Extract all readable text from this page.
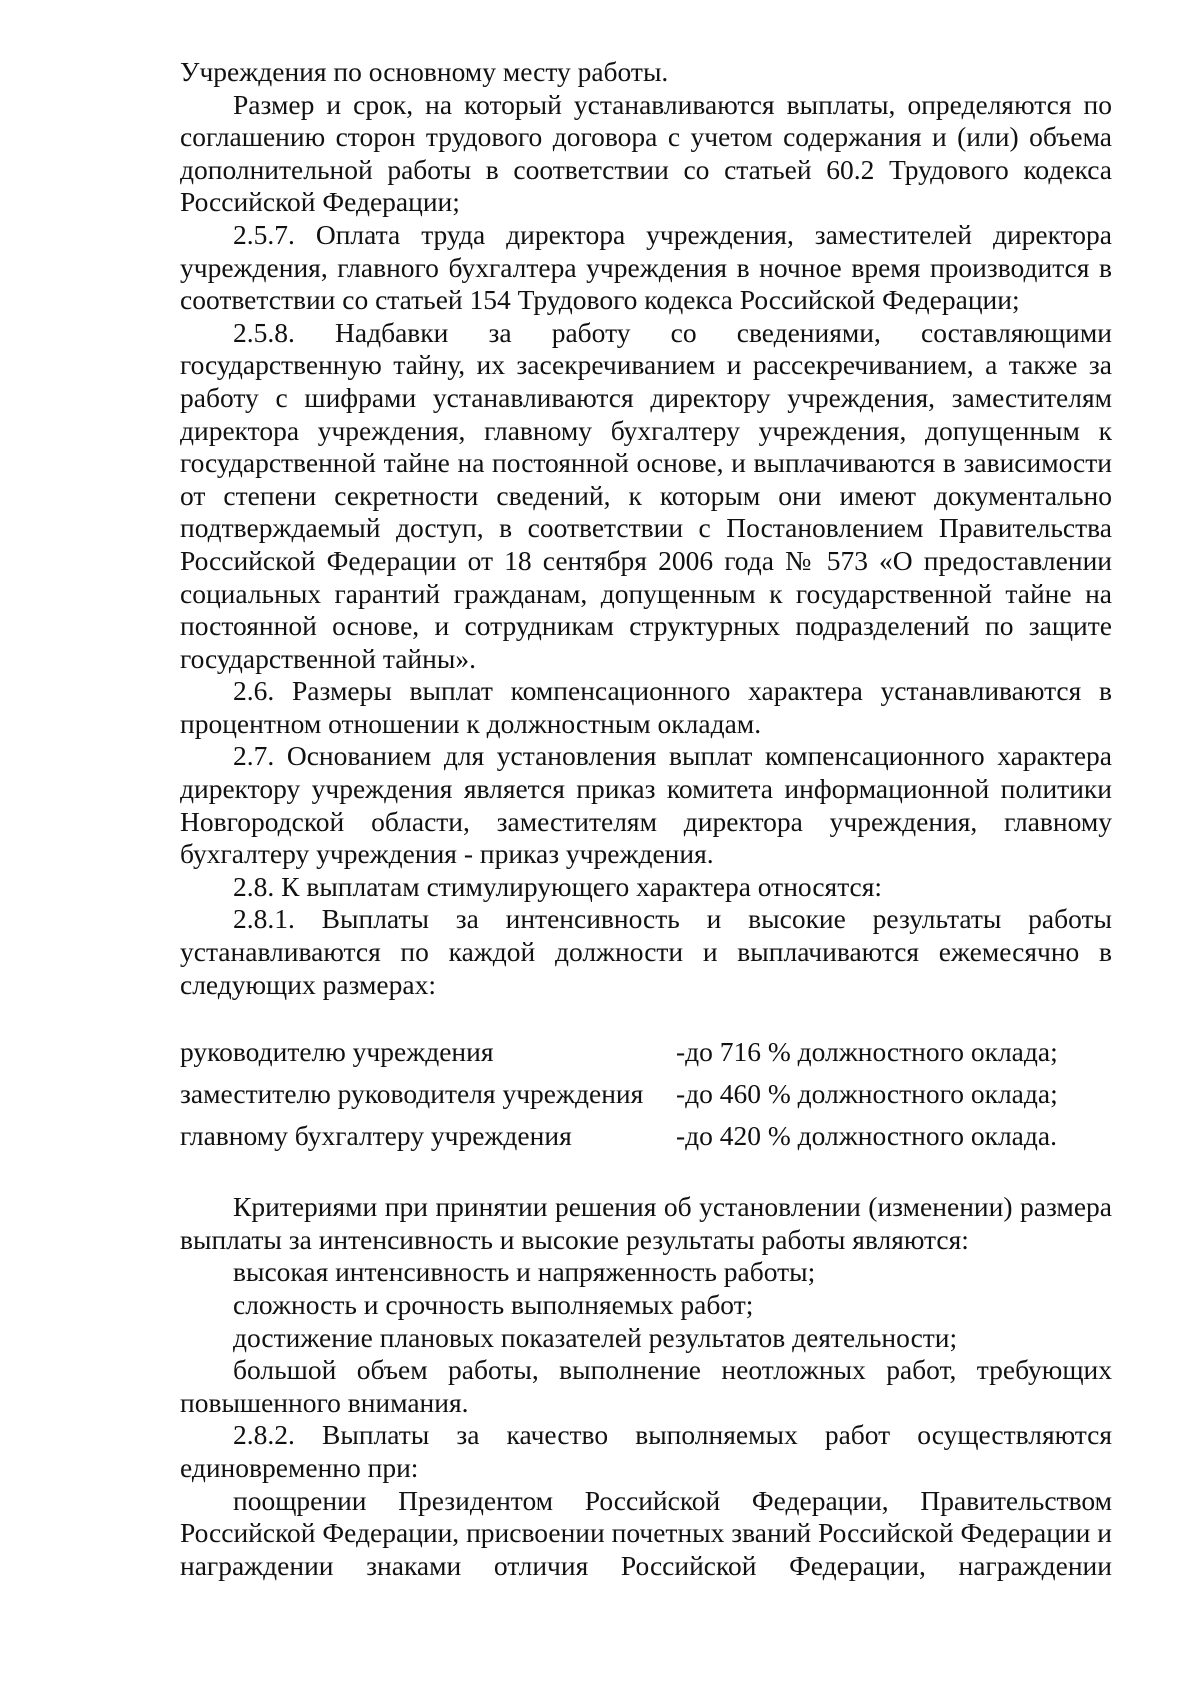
Учреждения по основному месту работы.

Размер и срок, на который устанавливаются выплаты, определяются по соглашению сторон трудового договора с учетом содержания и (или) объема дополнительной работы в соответствии со статьей 60.2 Трудового кодекса Российской Федерации;

2.5.7. Оплата труда директора учреждения, заместителей директора учреждения, главного бухгалтера учреждения в ночное время производится в соответствии со статьей 154 Трудового кодекса Российской Федерации;

2.5.8. Надбавки за работу со сведениями, составляющими государственную тайну, их засекречиванием и рассекречиванием, а также за работу с шифрами устанавливаются директору учреждения, заместителям директора учреждения, главному бухгалтеру учреждения, допущенным к государственной тайне на постоянной основе, и выплачиваются в зависимости от степени секретности сведений, к которым они имеют документально подтверждаемый доступ, в соответствии с Постановлением Правительства Российской Федерации от 18 сентября 2006 года № 573 «О предоставлении социальных гарантий гражданам, допущенным к государственной тайне на постоянной основе, и сотрудникам структурных подразделений по защите государственной тайны».

2.6. Размеры выплат компенсационного характера устанавливаются в процентном отношении к должностным окладам.

2.7. Основанием для установления выплат компенсационного характера директору учреждения является приказ комитета информационной политики Новгородской области, заместителям директора учреждения, главному бухгалтеру учреждения - приказ учреждения.

2.8. К выплатам стимулирующего характера относятся:

2.8.1. Выплаты за интенсивность и высокие результаты работы устанавливаются по каждой должности и выплачиваются ежемесячно в следующих размерах:

руководителю учреждения	-до 716 % должностного оклада;
заместителю руководителя учреждения	-до 460 % должностного оклада;
главному бухгалтеру учреждения	-до 420 % должностного оклада.

Критериями при принятии решения об установлении (изменении) размера выплаты за интенсивность и высокие результаты работы являются:

высокая интенсивность и напряженность работы;

сложность и срочность выполняемых работ;

достижение плановых показателей результатов деятельности;

большой объем работы, выполнение неотложных работ, требующих повышенного внимания.

2.8.2. Выплаты за качество выполняемых работ осуществляются единовременно при:

поощрении Президентом Российской Федерации, Правительством Российской Федерации, присвоении почетных званий Российской Федерации и награждении знаками отличия Российской Федерации, награждении
